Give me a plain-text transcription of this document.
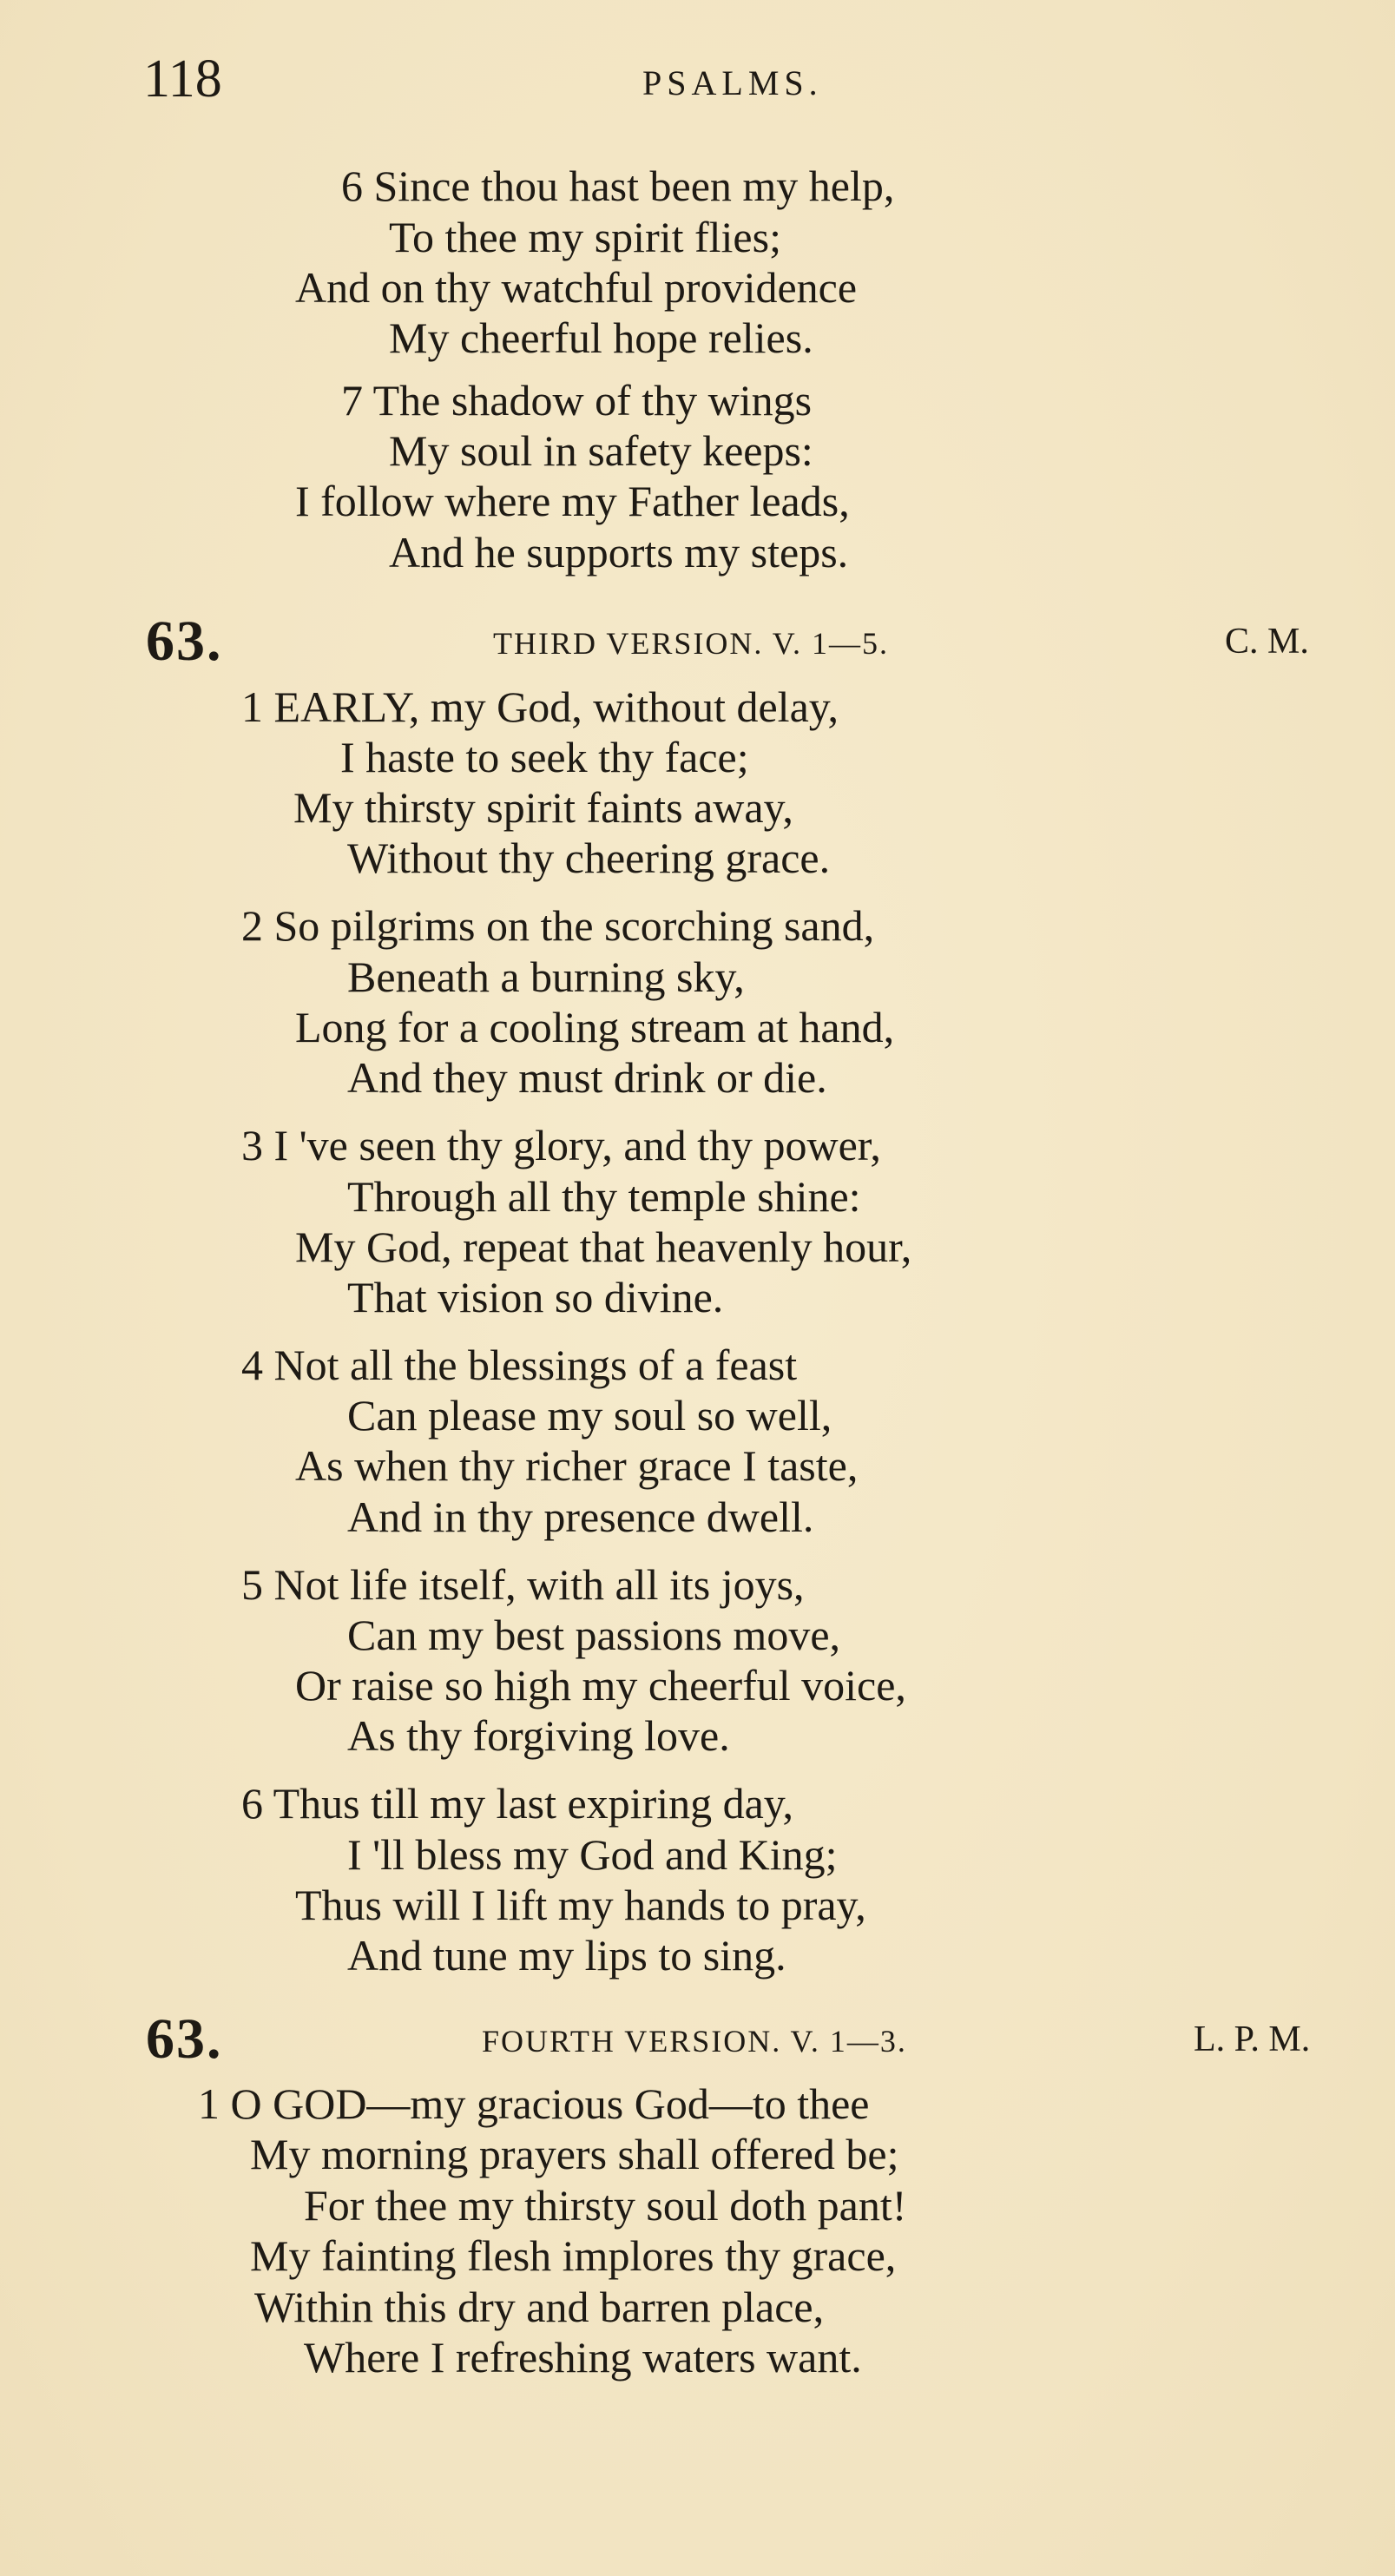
118	PSALMS.
6 Since thou hast been my help,
To thee my spirit flies;
And on thy watchful providence
My cheerful hope relies.
7 The shadow of thy wings
My soul in safety keeps:
I follow where my Father leads,
And he supports my steps.
63.	THIRD VERSION. V. 1—5.	C. M.
1 EARLY, my God, without delay,
I haste to seek thy face;
My thirsty spirit faints away,
Without thy cheering grace.
2 So pilgrims on the scorching sand,
Beneath a burning sky,
Long for a cooling stream at hand,
And they must drink or die.
3 I 've seen thy glory, and thy power,
Through all thy temple shine:
My God, repeat that heavenly hour,
That vision so divine.
4 Not all the blessings of a feast
Can please my soul so well,
As when thy richer grace I taste,
And in thy presence dwell.
5 Not life itself, with all its joys,
Can my best passions move,
Or raise so high my cheerful voice,
As thy forgiving love.
6 Thus till my last expiring day,
I 'll bless my God and King;
Thus will I lift my hands to pray,
And tune my lips to sing.
63.	FOURTH VERSION. V. 1—3.	L. P. M.
1 O GOD—my gracious God—to thee
My morning prayers shall offered be;
For thee my thirsty soul doth pant!
My fainting flesh implores thy grace,
Within this dry and barren place,
Where I refreshing waters want.
